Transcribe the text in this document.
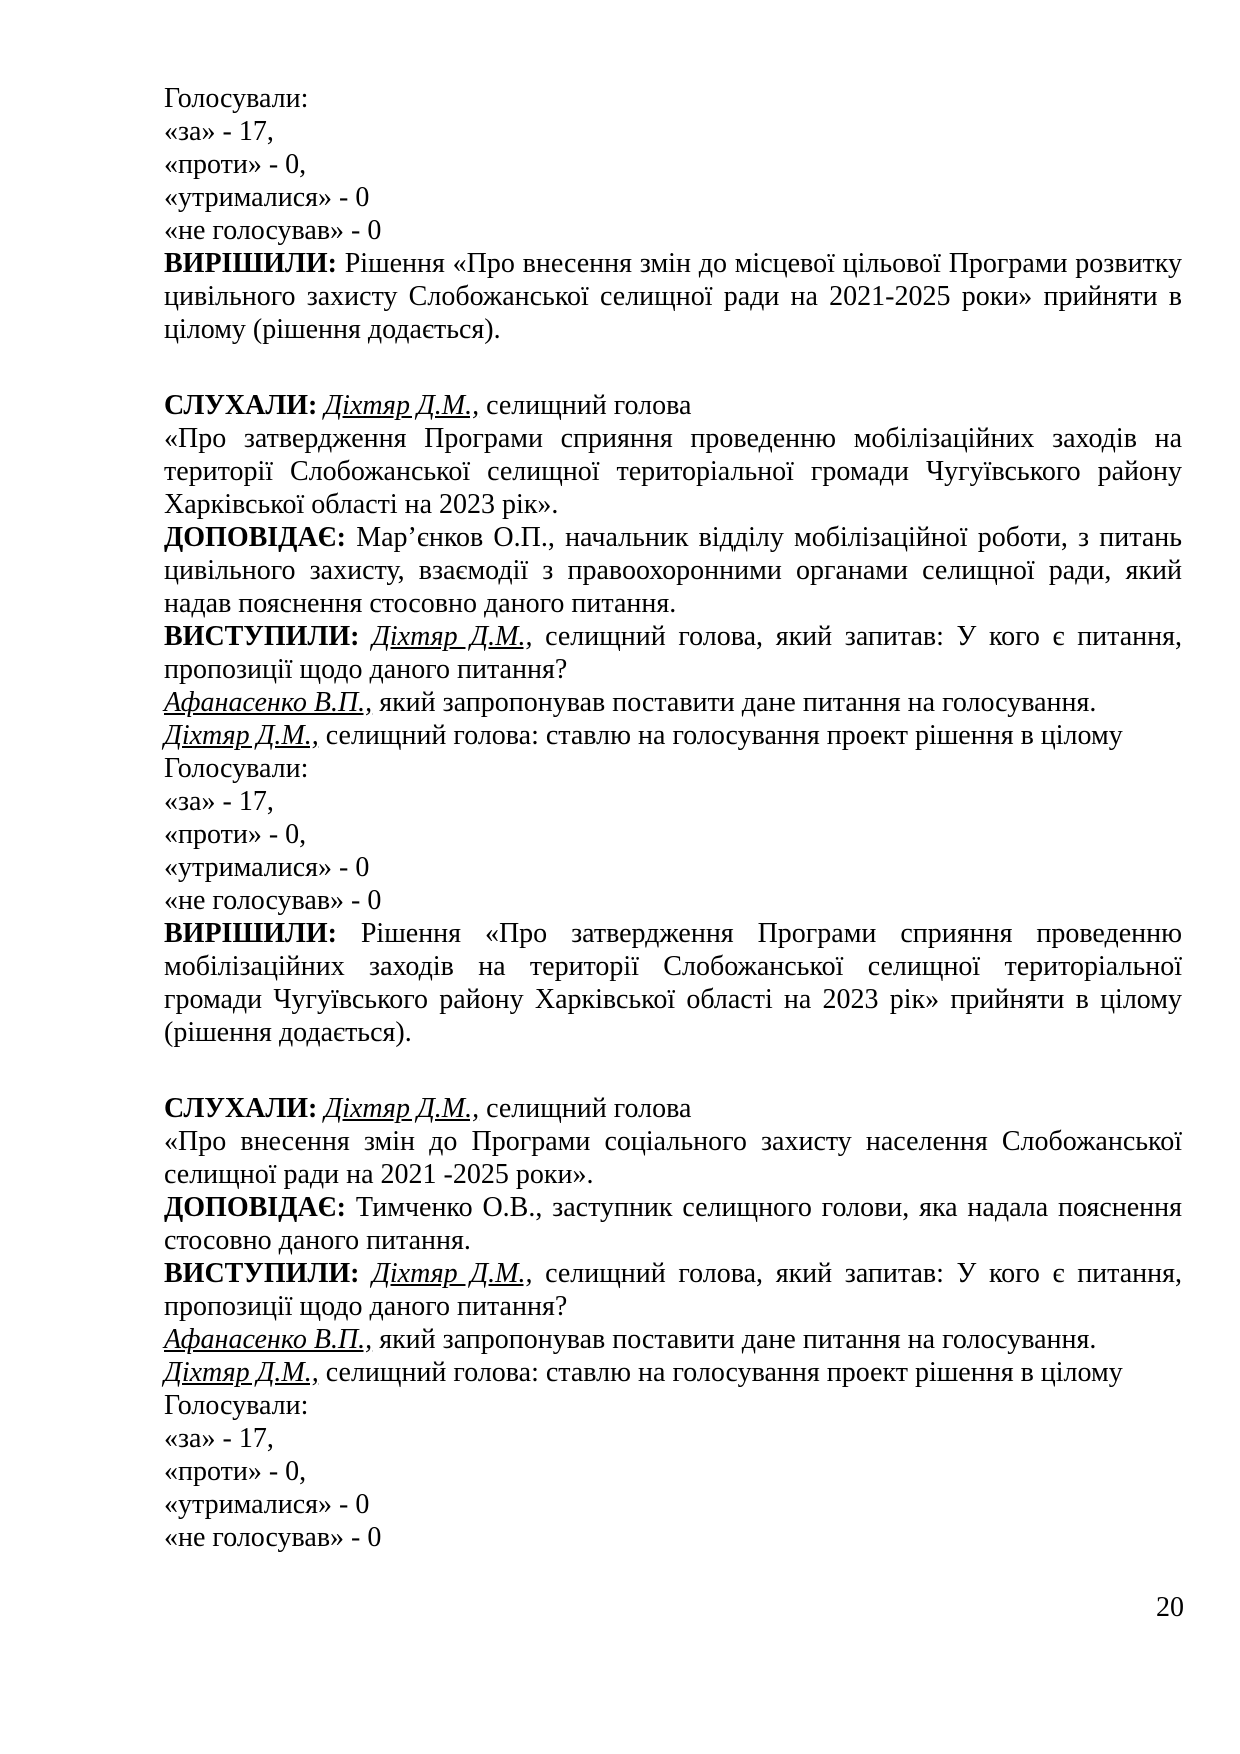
Голосували:

«за» - 17,

«проти» - 0,

«утрималися» - 0

«не голосував» - 0

ВИРІШИЛИ: Рішення «Про внесення змін до місцевої цільової Програми розвитку цивільного захисту Слобожанської селищної ради на 2021-2025 роки» прийняти в цілому (рішення додається).

СЛУХАЛИ: Діхтяр Д.М., селищний голова

«Про затвердження Програми сприяння проведенню мобілізаційних заходів на території Слобожанської селищної територіальної громади Чугуївського району Харківської області на 2023 рік».

ДОПОВІДАЄ: Мар’єнков О.П., начальник відділу мобілізаційної роботи, з питань цивільного захисту, взаємодії з правоохоронними органами селищної ради, який надав пояснення стосовно даного питання.

ВИСТУПИЛИ: Діхтяр Д.М., селищний голова, який запитав: У кого є питання, пропозиції щодо даного питання?

Афанасенко В.П., який запропонував поставити дане питання на голосування.

Діхтяр Д.М., селищний голова: ставлю на голосування проект рішення в цілому

Голосували:

«за» - 17,

«проти» - 0,

«утрималися» - 0

«не голосував» - 0

ВИРІШИЛИ: Рішення «Про затвердження Програми сприяння проведенню мобілізаційних заходів на території Слобожанської селищної територіальної громади Чугуївського району Харківської області на 2023 рік» прийняти в цілому (рішення додається).

СЛУХАЛИ: Діхтяр Д.М., селищний голова

«Про внесення змін до Програми соціального захисту населення Слобожанської селищної ради на 2021 -2025 роки».

ДОПОВІДАЄ: Тимченко О.В., заступник селищного голови, яка надала пояснення стосовно даного питання.

ВИСТУПИЛИ: Діхтяр Д.М., селищний голова, який запитав: У кого є питання, пропозиції щодо даного питання?

Афанасенко В.П., який запропонував поставити дане питання на голосування.

Діхтяр Д.М., селищний голова: ставлю на голосування проект рішення в цілому

Голосували:

«за» - 17,

«проти» - 0,

«утрималися» - 0

«не голосував» - 0

20
